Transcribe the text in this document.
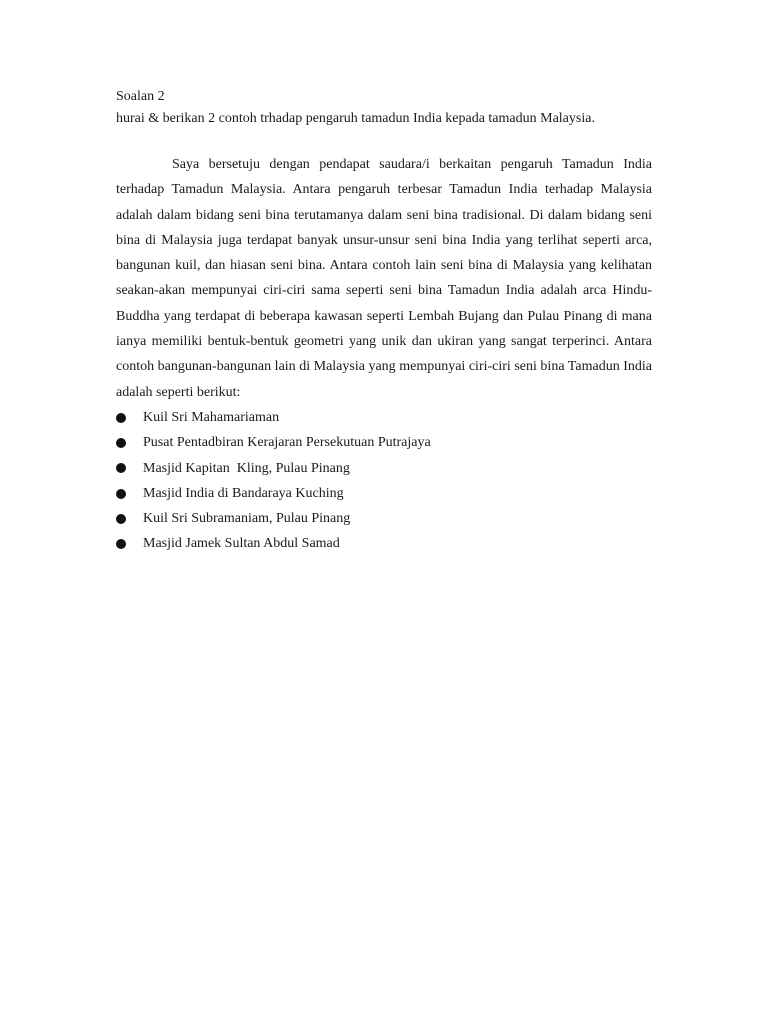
Soalan 2

hurai & berikan 2 contoh trhadap pengaruh tamadun India kepada tamadun Malaysia.

Saya bersetuju dengan pendapat saudara/i berkaitan pengaruh Tamadun India terhadap Tamadun Malaysia. Antara pengaruh terbesar Tamadun India terhadap Malaysia adalah dalam bidang seni bina terutamanya dalam seni bina tradisional. Di dalam bidang seni bina di Malaysia juga terdapat banyak unsur-unsur seni bina India yang terlihat seperti arca, bangunan kuil, dan hiasan seni bina. Antara contoh lain seni bina di Malaysia yang kelihatan seakan-akan mempunyai ciri-ciri sama seperti seni bina Tamadun India adalah arca Hindu-Buddha yang terdapat di beberapa kawasan seperti Lembah Bujang dan Pulau Pinang di mana ianya memiliki bentuk-bentuk geometri yang unik dan ukiran yang sangat terperinci. Antara contoh bangunan-bangunan lain di Malaysia yang mempunyai ciri-ciri seni bina Tamadun India adalah seperti berikut:

Kuil Sri Mahamariaman
Pusat Pentadbiran Kerajaran Persekutuan Putrajaya
Masjid Kapitan  Kling, Pulau Pinang
Masjid India di Bandaraya Kuching
Kuil Sri Subramaniam, Pulau Pinang
Masjid Jamek Sultan Abdul Samad
